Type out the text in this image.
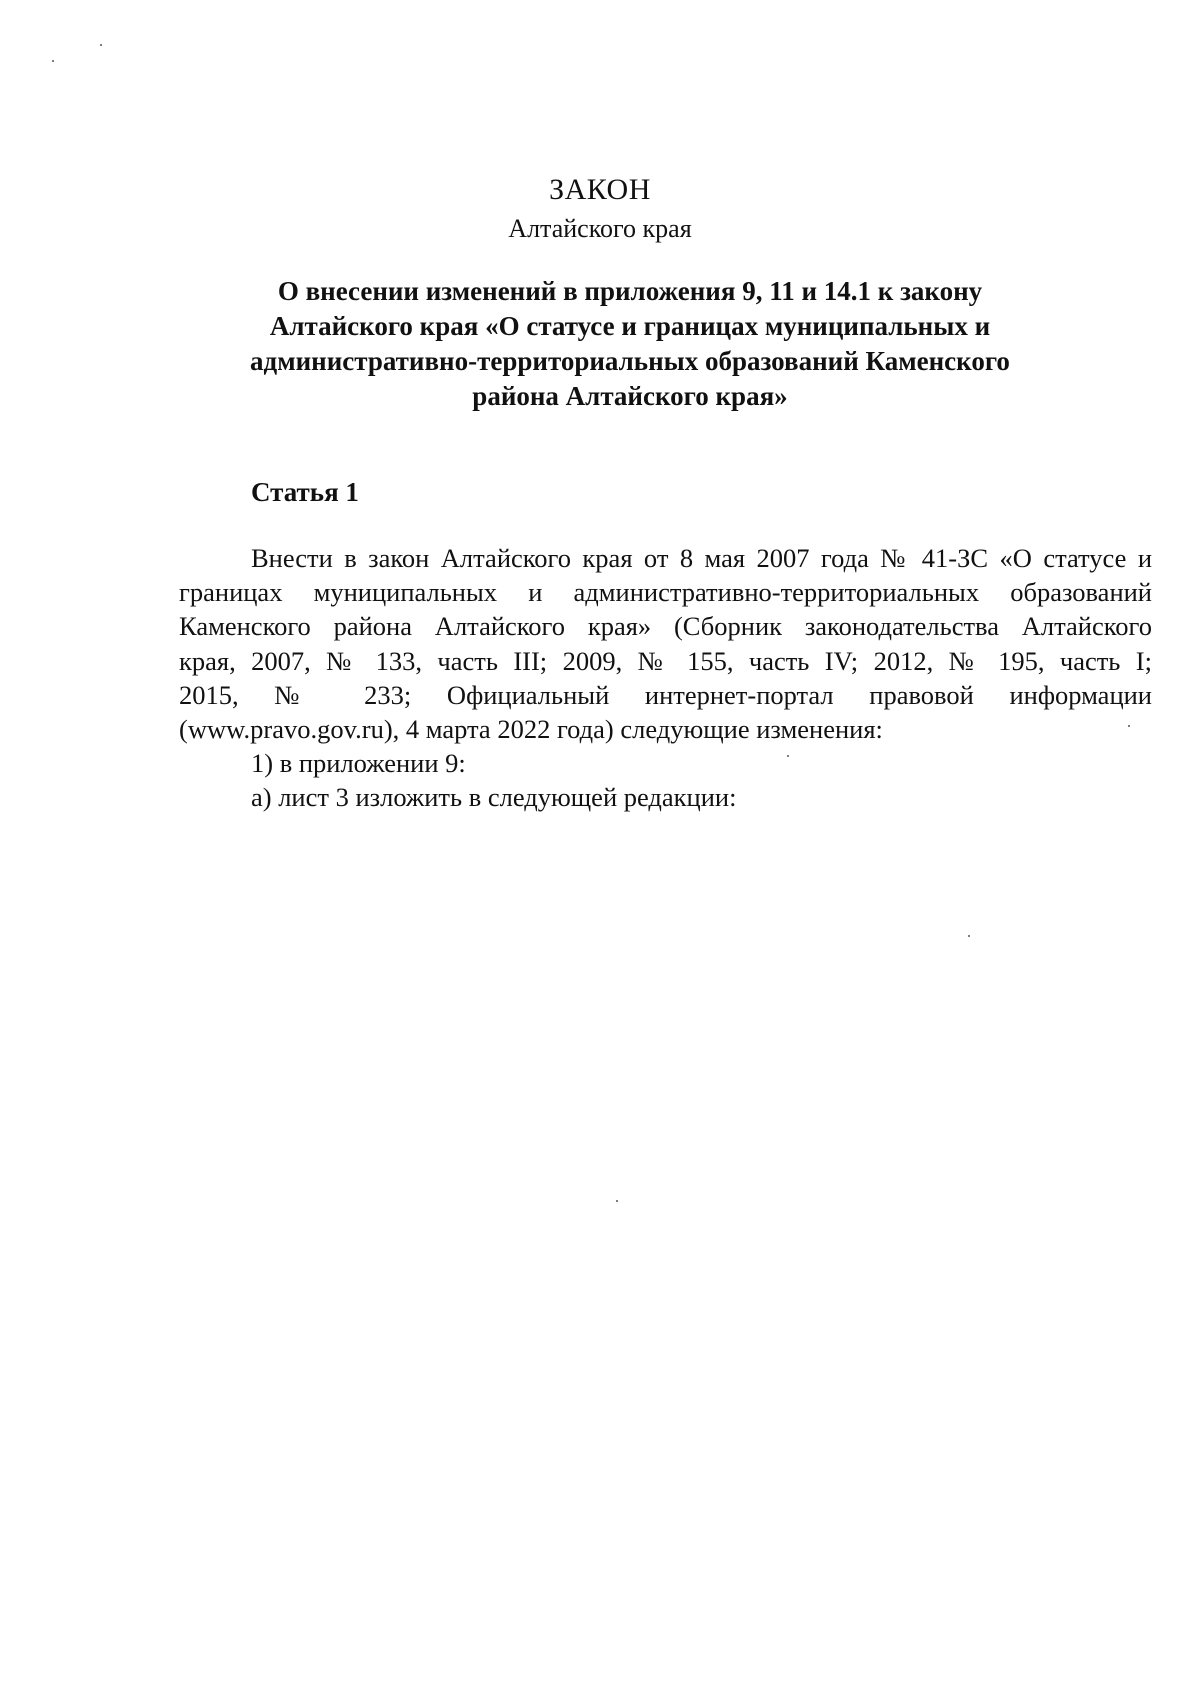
ЗАКОН
Алтайского края
О внесении изменений в приложения 9, 11 и 14.1 к закону
Алтайского края «О статусе и границах муниципальных и
административно-территориальных образований Каменского
района Алтайского края»
Статья 1
Внести в закон Алтайского края от 8 мая 2007 года № 41-ЗС «О статусе и
границах муниципальных и административно-территориальных образований
Каменского района Алтайского края» (Сборник законодательства Алтайского
края, 2007, № 133, часть III; 2009, № 155, часть IV; 2012, № 195, часть I;
2015, № 233; Официальный интернет-портал правовой информации
(www.pravo.gov.ru), 4 марта 2022 года) следующие изменения:
1) в приложении 9:
а) лист 3 изложить в следующей редакции:
